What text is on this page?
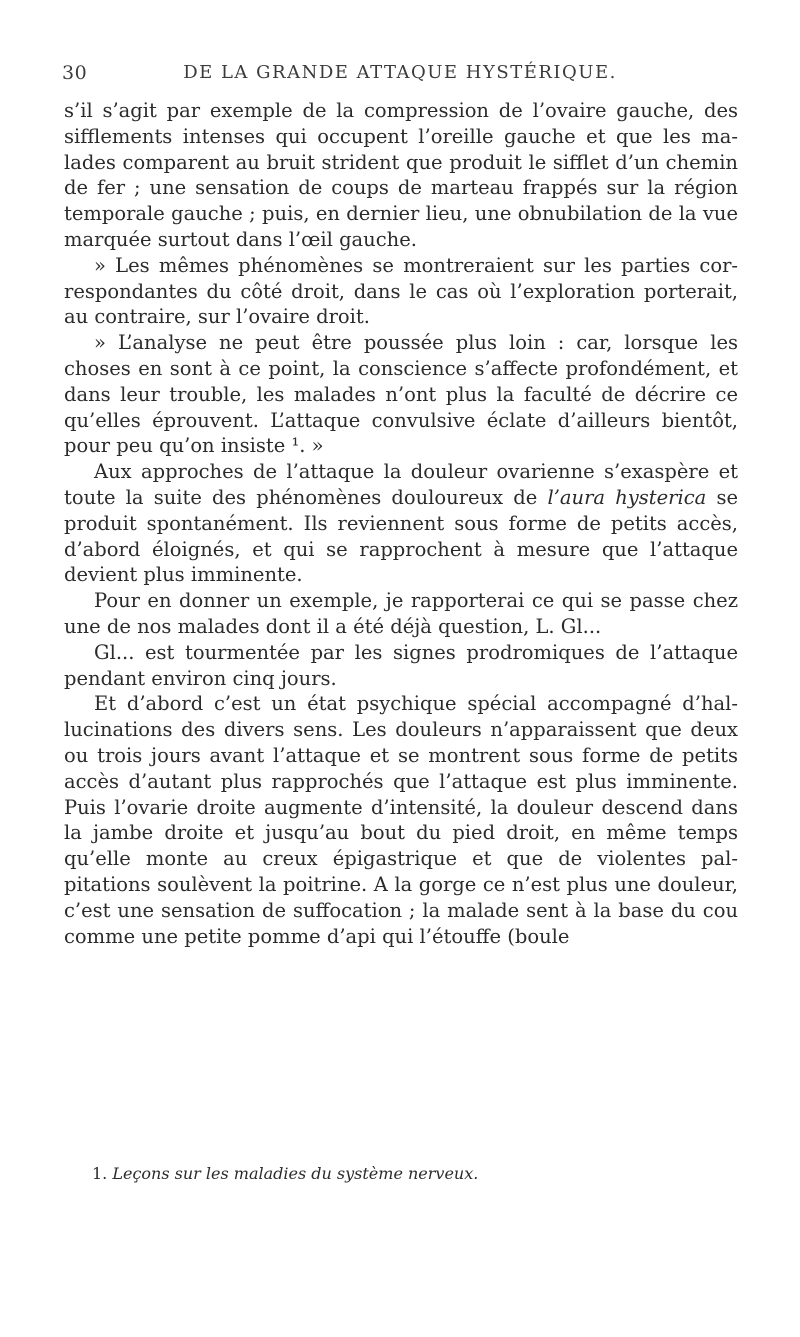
30	DE LA GRANDE ATTAQUE HYSTÉRIQUE.

s’il s’agit par exemple de la compression de l’ovaire gauche, des sifflements intenses qui occupent l’oreille gauche et que les malades comparent au bruit strident que produit le sifflet d’un chemin de fer ; une sensation de coups de marteau frappés sur la région temporale gauche ; puis, en dernier lieu, une obnubilation de la vue marquée surtout dans l’œil gauche.

» Les mêmes phénomènes se montreraient sur les parties correspondantes du côté droit, dans le cas où l’exploration porterait, au contraire, sur l’ovaire droit.

» L’analyse ne peut être poussée plus loin : car, lorsque les choses en sont à ce point, la conscience s’affecte profondément, et dans leur trouble, les malades n’ont plus la faculté de décrire ce qu’elles éprouvent. L’attaque convulsive éclate d’ailleurs bientôt, pour peu qu’on insiste ¹. »

Aux approches de l’attaque la douleur ovarienne s’exaspère et toute la suite des phénomènes douloureux de l’aura hysterica se produit spontanément. Ils reviennent sous forme de petits accès, d’abord éloignés, et qui se rapprochent à mesure que l’attaque devient plus imminente.

Pour en donner un exemple, je rapporterai ce qui se passe chez une de nos malades dont il a été déjà question, L. Gl...

Gl... est tourmentée par les signes prodromiques de l’attaque pendant environ cinq jours.

Et d’abord c’est un état psychique spécial accompagné d’hallucinations des divers sens. Les douleurs n’apparaissent que deux ou trois jours avant l’attaque et se montrent sous forme de petits accès d’autant plus rapprochés que l’attaque est plus imminente. Puis l’ovarie droite augmente d’intensité, la douleur descend dans la jambe droite et jusqu’au bout du pied droit, en même temps qu’elle monte au creux épigastrique et que de violentes palpitations soulèvent la poitrine. A la gorge ce n’est plus une douleur, c’est une sensation de suffocation ; la malade sent à la base du cou comme une petite pomme d’api qui l’étouffe (boule

1. Leçons sur les maladies du système nerveux.
